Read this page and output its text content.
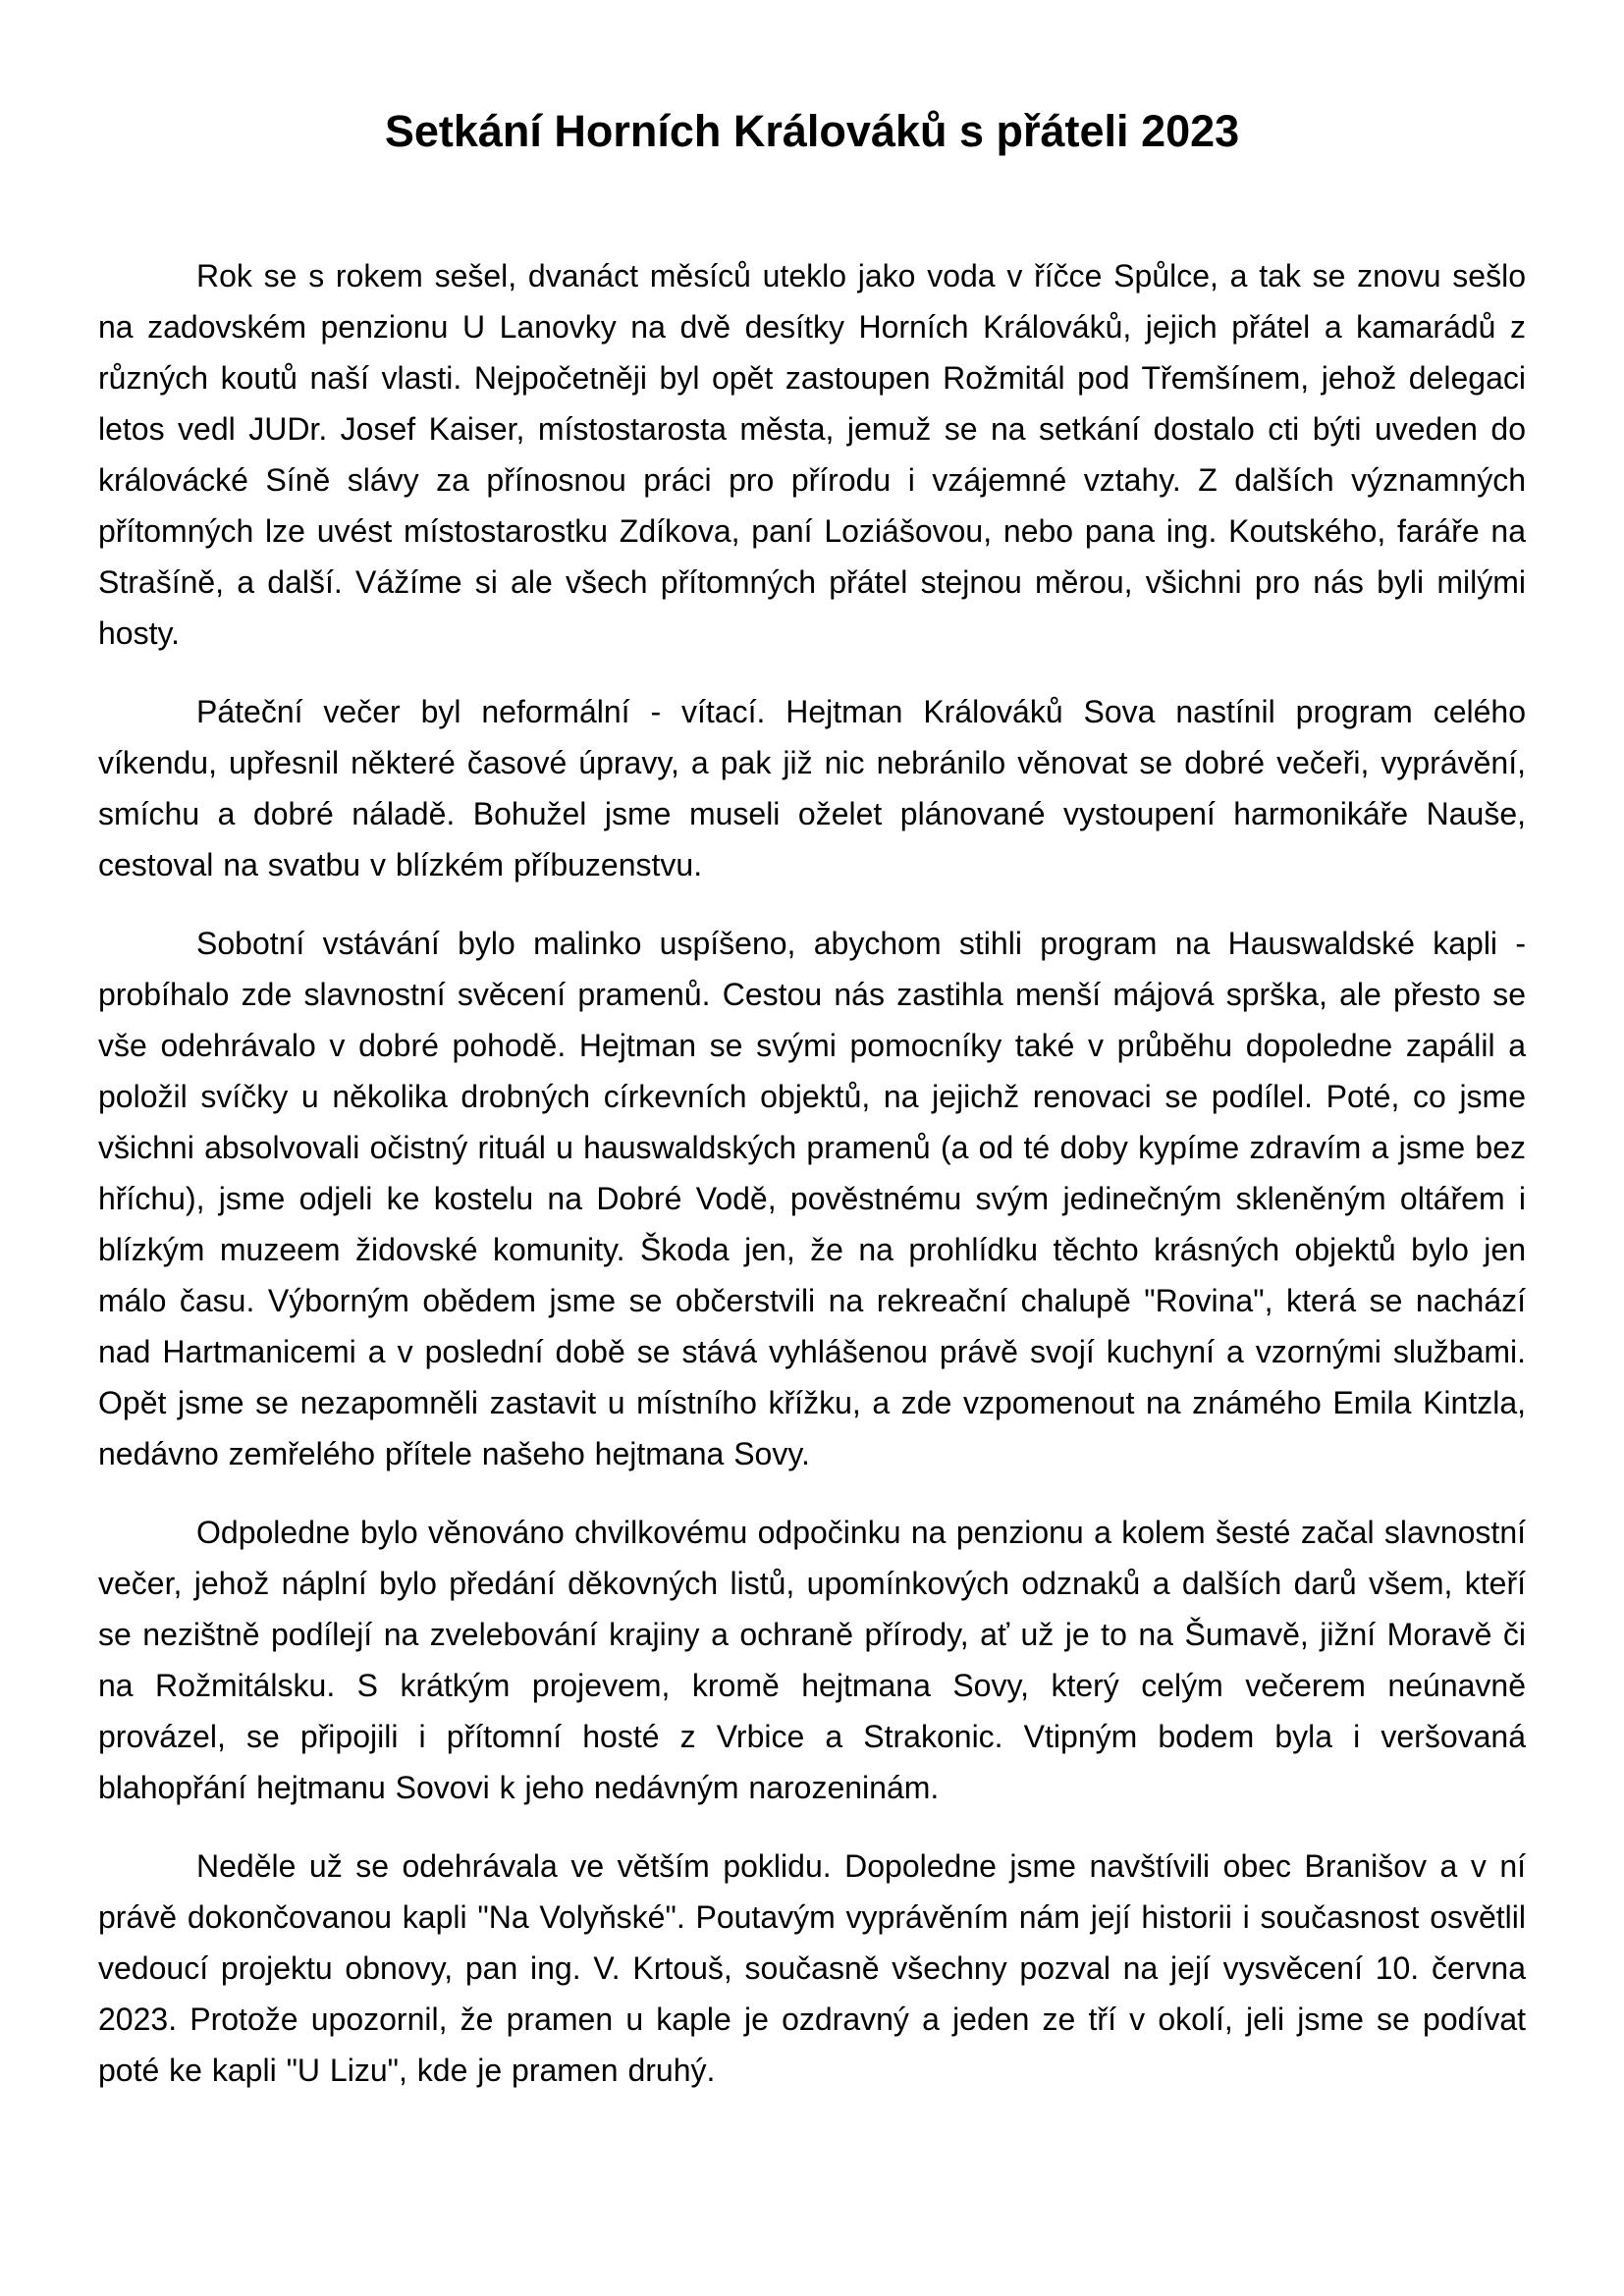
Setkání Horních Králováků s přáteli 2023

Rok se s rokem sešel, dvanáct měsíců uteklo jako voda v říčce Spůlce, a tak se znovu sešlo na zadovském penzionu U Lanovky na dvě desítky Horních Králováků, jejich přátel a kamarádů z různých koutů naší vlasti. Nejpočetněji byl opět zastoupen Rožmitál pod Třemšínem, jehož delegaci letos vedl JUDr. Josef Kaiser, místostarosta města, jemuž se na setkání dostalo cti býti uveden do královácké Síně slávy za přínosnou práci pro přírodu i vzájemné vztahy. Z dalších významných přítomných lze uvést místostarostku Zdíkova, paní Loziášovou, nebo pana ing. Koutského, faráře na Strašíně, a další. Vážíme si ale všech přítomných přátel stejnou měrou, všichni pro nás byli milými hosty.

Páteční večer byl neformální - vítací. Hejtman Králováků Sova nastínil program celého víkendu, upřesnil některé časové úpravy, a pak již nic nebránilo věnovat se dobré večeři, vyprávění, smíchu a dobré náladě. Bohužel jsme museli oželet plánované vystoupení harmonikáře Nauše, cestoval na svatbu v blízkém příbuzenstvu.

Sobotní vstávání bylo malinko uspíšeno, abychom stihli program na Hauswaldské kapli - probíhalo zde slavnostní svěcení pramenů. Cestou nás zastihla menší májová sprška, ale přesto se vše odehrávalo v dobré pohodě. Hejtman se svými pomocníky také v průběhu dopoledne zapálil a položil svíčky u několika drobných církevních objektů, na jejichž renovaci se podílel. Poté, co jsme všichni absolvovali očistný rituál u hauswaldských pramenů (a od té doby kypíme zdravím a jsme bez hříchu), jsme odjeli ke kostelu na Dobré Vodě, pověstnému svým jedinečným skleněným oltářem i blízkým muzeem židovské komunity. Škoda jen, že na prohlídku těchto krásných objektů bylo jen málo času. Výborným obědem jsme se občerstvili na rekreační chalupě "Rovina", která se nachází nad Hartmanicemi a v poslední době se stává vyhlášenou právě svojí kuchyní a vzornými službami. Opět jsme se nezapomněli zastavit u místního křížku, a zde vzpomenout na známého Emila Kintzla, nedávno zemřelého přítele našeho hejtmana Sovy.

Odpoledne bylo věnováno chvilkovému odpočinku na penzionu a kolem šesté začal slavnostní večer, jehož náplní bylo předání děkovných listů, upomínkových odznaků a dalších darů všem, kteří se nezištně podílejí na zvelebování krajiny a ochraně přírody, ať už je to na Šumavě, jižní Moravě či na Rožmitálsku. S krátkým projevem, kromě hejtmana Sovy, který celým večerem neúnavně provázel, se připojili i přítomní hosté z Vrbice a Strakonic. Vtipným bodem byla i veršovaná blahopřání hejtmanu Sovovi k jeho nedávným narozeninám.

Neděle už se odehrávala ve větším poklidu. Dopoledne jsme navštívili obec Branišov a v ní právě dokončovanou kapli "Na Volyňské". Poutavým vyprávěním nám její historii i současnost osvětlil vedoucí projektu obnovy, pan ing. V. Krtouš, současně všechny pozval na její vysvěcení 10. června 2023. Protože upozornil, že pramen u kaple je ozdravný a jeden ze tří v okolí, jeli jsme se podívat poté ke kapli "U Lizu", kde je pramen druhý.
